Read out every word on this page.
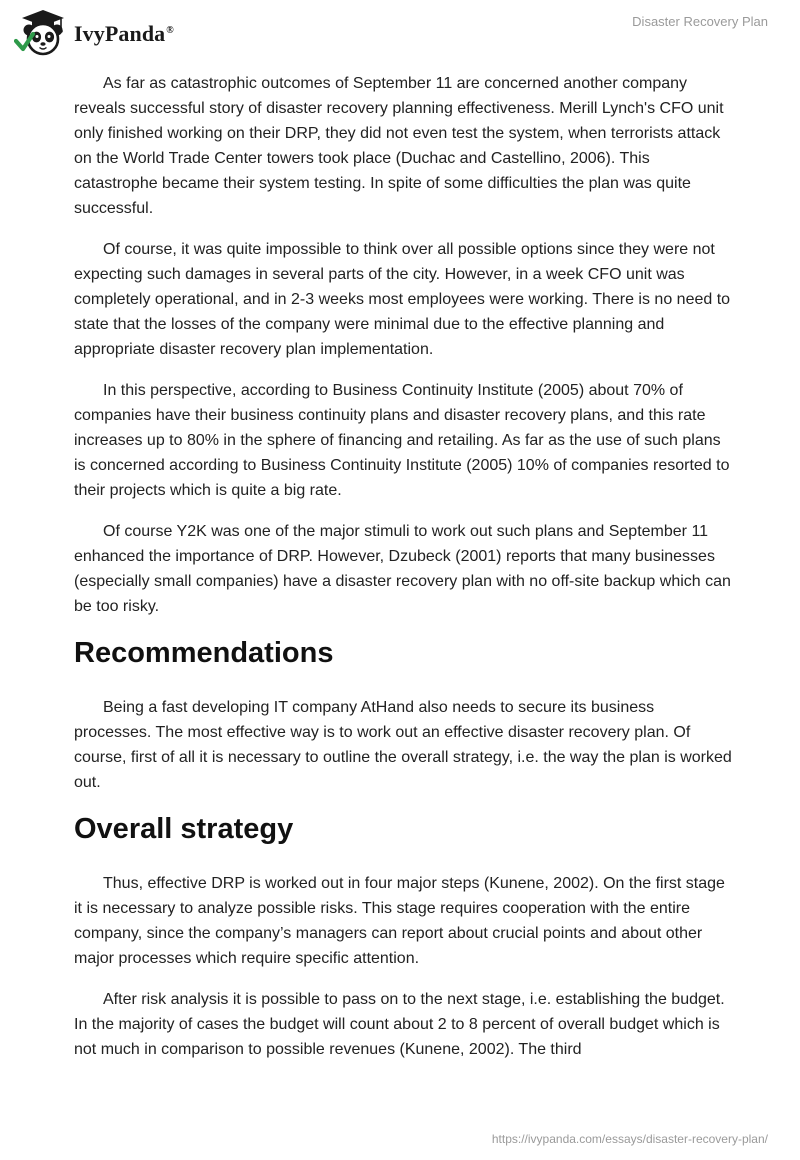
IvyPanda®
Disaster Recovery Plan

As far as catastrophic outcomes of September 11 are concerned another company reveals successful story of disaster recovery planning effectiveness. Merill Lynch's CFO unit only finished working on their DRP, they did not even test the system, when terrorists attack on the World Trade Center towers took place (Duchac and Castellino, 2006). This catastrophe became their system testing. In spite of some difficulties the plan was quite successful.

Of course, it was quite impossible to think over all possible options since they were not expecting such damages in several parts of the city. However, in a week CFO unit was completely operational, and in 2-3 weeks most employees were working. There is no need to state that the losses of the company were minimal due to the effective planning and appropriate disaster recovery plan implementation.

In this perspective, according to Business Continuity Institute (2005) about 70% of companies have their business continuity plans and disaster recovery plans, and this rate increases up to 80% in the sphere of financing and retailing. As far as the use of such plans is concerned according to Business Continuity Institute (2005) 10% of companies resorted to their projects which is quite a big rate.

Of course Y2K was one of the major stimuli to work out such plans and September 11 enhanced the importance of DRP. However, Dzubeck (2001) reports that many businesses (especially small companies) have a disaster recovery plan with no off-site backup which can be too risky.

Recommendations

Being a fast developing IT company AtHand also needs to secure its business processes. The most effective way is to work out an effective disaster recovery plan. Of course, first of all it is necessary to outline the overall strategy, i.e. the way the plan is worked out.

Overall strategy

Thus, effective DRP is worked out in four major steps (Kunene, 2002). On the first stage it is necessary to analyze possible risks. This stage requires cooperation with the entire company, since the company’s managers can report about crucial points and about other major processes which require specific attention.

After risk analysis it is possible to pass on to the next stage, i.e. establishing the budget. In the majority of cases the budget will count about 2 to 8 percent of overall budget which is not much in comparison to possible revenues (Kunene, 2002). The third

https://ivypanda.com/essays/disaster-recovery-plan/
